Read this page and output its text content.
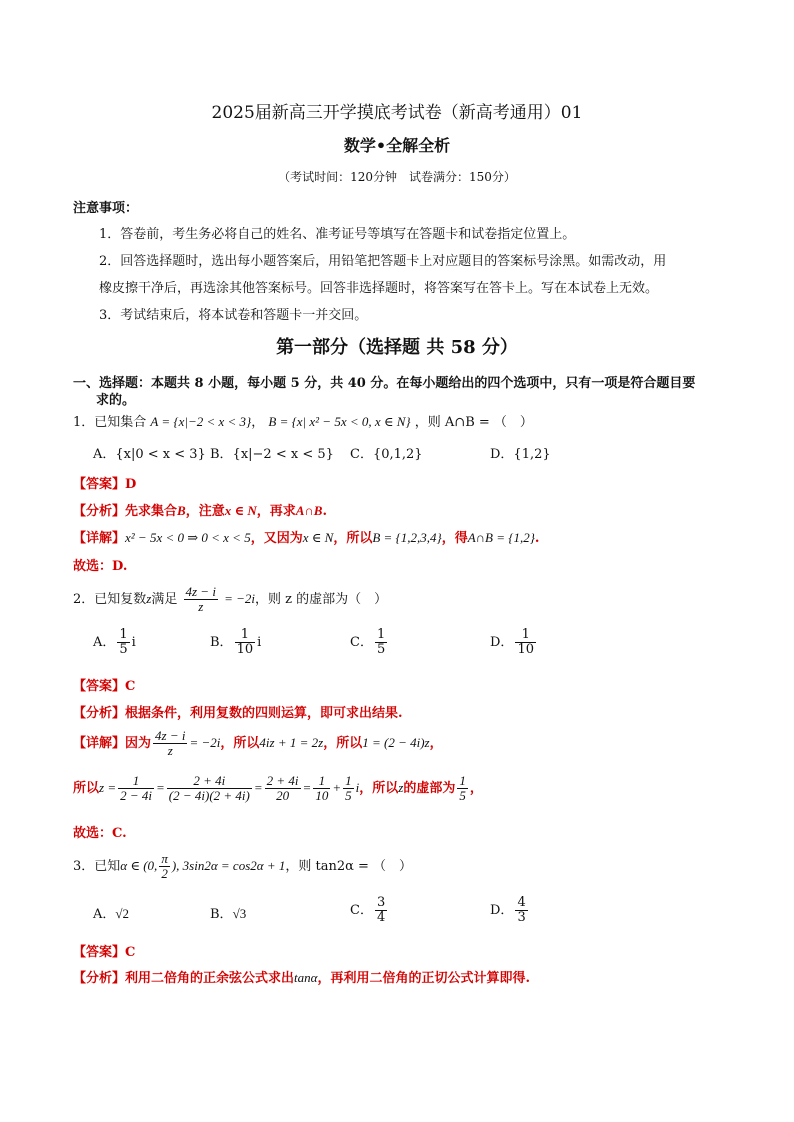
2025届新高三开学摸底考试卷（新高考通用）01
数学•全解全析
（考试时间：120分钟　试卷满分：150分）
注意事项：
1．答卷前，考生务必将自己的姓名、准考证号等填写在答题卡和试卷指定位置上。
2．回答选择题时，选出每小题答案后，用铅笔把答题卡上对应题目的答案标号涂黑。如需改动，用
橡皮擦干净后，再选涂其他答案标号。回答非选择题时，将答案写在答卡上。写在本试卷上无效。
3．考试结束后，将本试卷和答题卡一并交回。
第一部分（选择题 共 58 分）
一、选择题：本题共 8 小题，每小题 5 分，共 40 分。在每小题给出的四个选项中，只有一项是符合题目要
求的。
1．已知集合 A = {x|−2 < x < 3}， B = {x| x² − 5x < 0, x ∈ N} ，则 A∩B = （　）
A．{x|0 < x < 3} B．{x|−2 < x < 5} C．{0,1,2}	D．{1,2}
【答案】D
【分析】先求集合B，注意x ∈ N，再求A∩B.
【详解】x² − 5x < 0 ⇒ 0 < x < 5，又因为x ∈ N，所以B = {1,2,3,4}，得A∩B = {1,2}.
故选：D.
2．已知复数z满足 $\frac{4z - i}{z} = -2i$，则 z 的虚部为（　）
A． $\frac{1}{5}$ i	B． $\frac{1}{10}$ i	C． $\frac{1}{5}$	D． $\frac{1}{10}$
【答案】C
【分析】根据条件，利用复数的四则运算，即可求出结果.
【详解】因为 $\frac{4z - i}{z} = -2i$，所以4iz + 1 = 2z，所以1 = (2 − 4i)z，
所以$z = \frac{1}{2 - 4i} = \frac{2 + 4i}{(2 - 4i)(2 + 4i)} = \frac{2 + 4i}{20} = \frac{1}{10} + \frac{1}{5}$ i，所以z的虚部为 $\frac{1}{5}$ ，
故选：C.
3．已知α ∈ (0, $\frac{\pi}{2}$ ), 3sin2α = cos2α + 1，则 tan2α = （　）
A．√2	B．√3	C． $\frac{3}{4}$	D． $\frac{4}{3}$
【答案】C
【分析】利用二倍角的正余弦公式求出tanα，再利用二倍角的正切公式计算即得.
